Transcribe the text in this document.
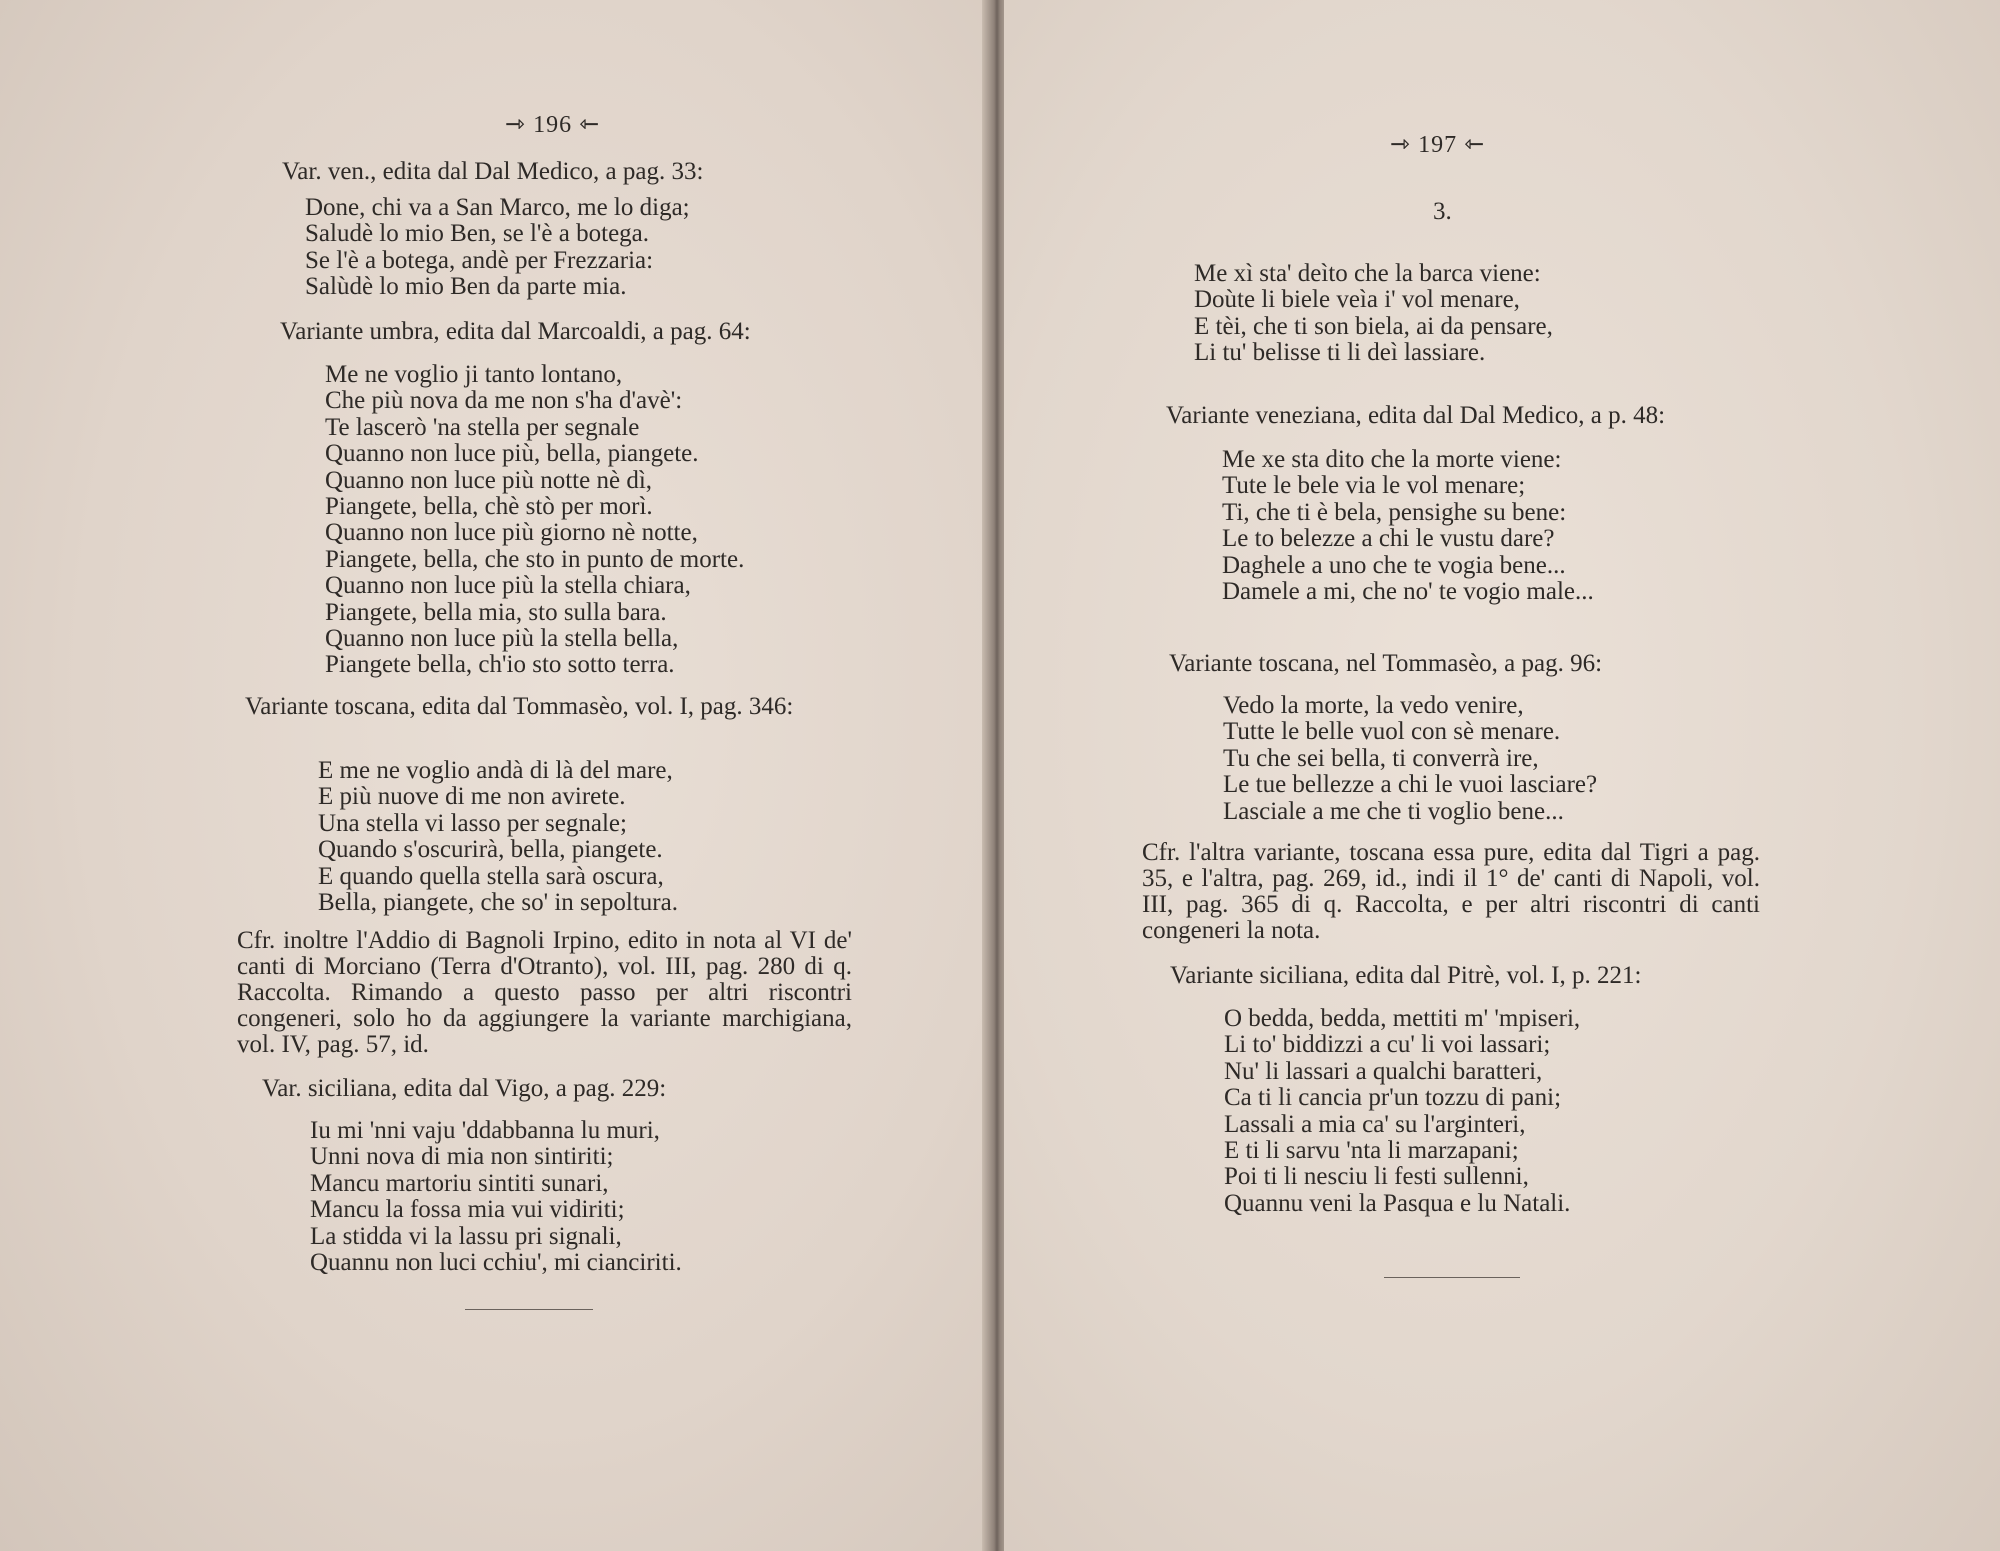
⇾ 196 ⇽
Var. ven., edita dal Dal Medico, a pag. 33:
Done, chi va a San Marco, me lo diga;
Saludè lo mio Ben, se l'è a botega.
Se l'è a botega, andè per Frezzaria:
Salùdè lo mio Ben da parte mia.
Variante umbra, edita dal Marcoaldi, a pag. 64:
Me ne voglio ji tanto lontano,
Che più nova da me non s'ha d'avè':
Te lascerò 'na stella per segnale
Quanno non luce più, bella, piangete.
Quanno non luce più notte nè dì,
Piangete, bella, chè stò per morì.
Quanno non luce più giorno nè notte,
Piangete, bella, che sto in punto de morte.
Quanno non luce più la stella chiara,
Piangete, bella mia, sto sulla bara.
Quanno non luce più la stella bella,
Piangete bella, ch'io sto sotto terra.
Variante toscana, edita dal Tommasèo, vol. I, pag. 346:
E me ne voglio andà di là del mare,
E più nuove di me non avirete.
Una stella vi lasso per segnale;
Quando s'oscurirà, bella, piangete.
E quando quella stella sarà oscura,
Bella, piangete, che so' in sepoltura.
Cfr. inoltre l'Addio di Bagnoli Irpino, edito in nota al VI de' canti di Morciano (Terra d'Otranto), vol. III, pag. 280 di q. Raccolta. Rimando a questo passo per altri riscontri congeneri, solo ho da aggiungere la variante marchigiana, vol. IV, pag. 57, id.
Var. siciliana, edita dal Vigo, a pag. 229:
Iu mi 'nni vaju 'ddabbanna lu muri,
Unni nova di mia non sintiriti;
Mancu martoriu sintiti sunari,
Mancu la fossa mia vui vidiriti;
La stidda vi la lassu pri signali,
Quannu non luci cchiu', mi cianciriti.
⇾ 197 ⇽
3.
Me xì sta' deìto che la barca viene:
Doùte li biele veìa i' vol menare,
E tèi, che ti son biela, ai da pensare,
Li tu' belisse ti li deì lassiare.
Variante veneziana, edita dal Dal Medico, a p. 48:
Me xe sta dito che la morte viene:
Tute le bele via le vol menare;
Ti, che ti è bela, pensighe su bene:
Le to belezze a chi le vustu dare?
Daghele a uno che te vogia bene...
Damele a mi, che no' te vogio male...
Variante toscana, nel Tommasèo, a pag. 96:
Vedo la morte, la vedo venire,
Tutte le belle vuol con sè menare.
Tu che sei bella, ti converrà ire,
Le tue bellezze a chi le vuoi lasciare?
Lasciale a me che ti voglio bene...
Cfr. l'altra variante, toscana essa pure, edita dal Tigri a pag. 35, e l'altra, pag. 269, id., indi il 1° de' canti di Napoli, vol. III, pag. 365 di q. Raccolta, e per altri riscontri di canti congeneri la nota.
Variante siciliana, edita dal Pitrè, vol. I, p. 221:
O bedda, bedda, mettiti m' 'mpiseri,
Li to' biddizzi a cu' li voi lassari;
Nu' li lassari a qualchi baratteri,
Ca ti li cancia pr'un tozzu di pani;
Lassali a mia ca' su l'arginteri,
E ti li sarvu 'nta li marzapani;
Poi ti li nesciu li festi sullenni,
Quannu veni la Pasqua e lu Natali.
